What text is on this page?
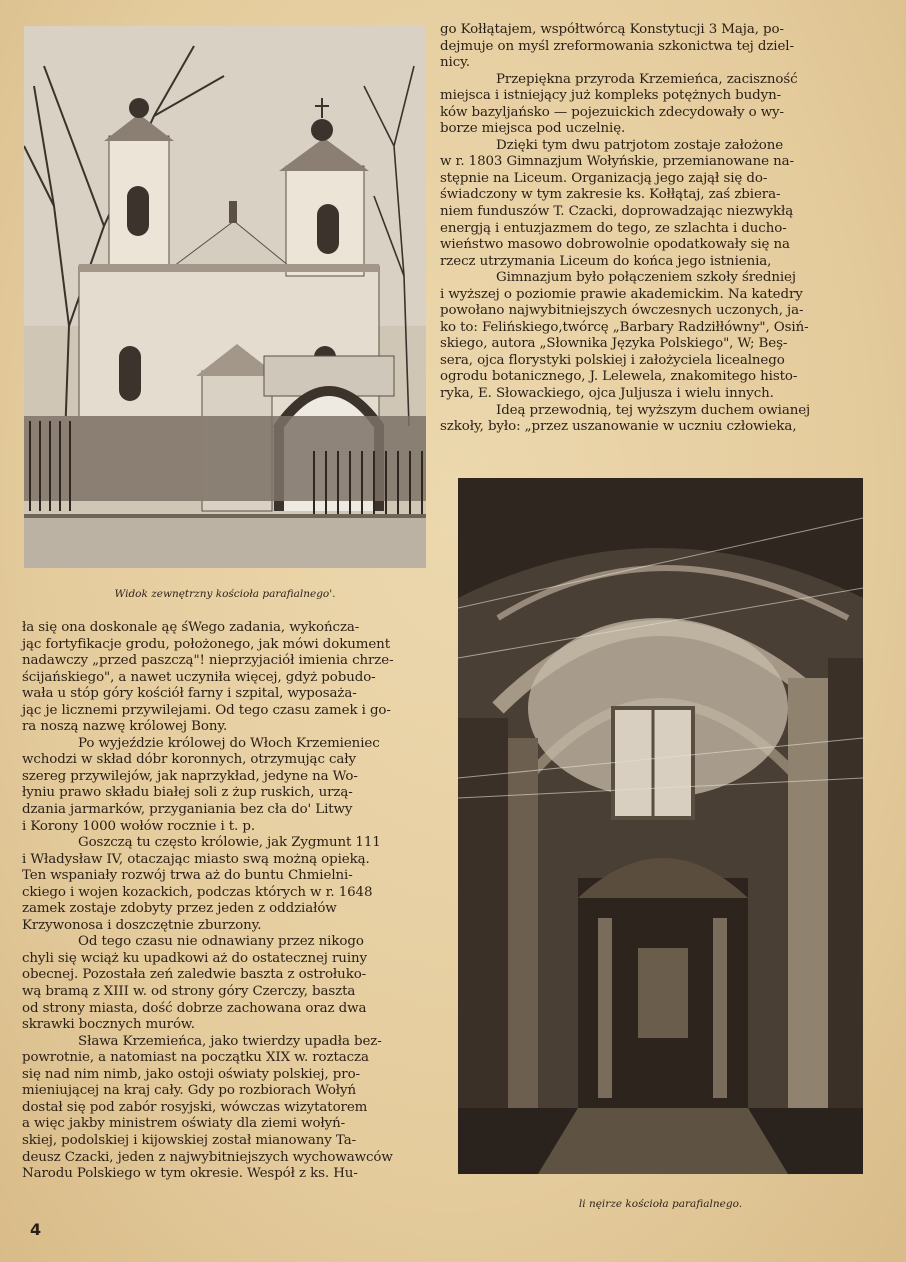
Widok zewnętrzny kościoła parafialnego'.
li nęirze kościoła parafialnego.
go Kołłątajem, współtwórcą Konstytucji 3 Maja, po-
dejmuje on myśl zreformowania szkonictwa tej dziel-
nicy.
Przepiękna przyroda Krzemieńca, zaciszność
miejsca i istniejący już kompleks potężnych budyn-
ków bazyljańsko — pojezuickich zdecydowały o wy-
borze miejsca pod uczelnię.
Dzięki tym dwu patrjotom zostaje założone
w r. 1803 Gimnazjum Wołyńskie, przemianowane na-
stępnie na Liceum. Organizacją jego zajął się do-
świadczony w tym zakresie ks. Kołłątaj, zaś zbiera-
niem funduszów T. Czacki, doprowadzając niezwykłą
energją i entuzjazmem do tego, ze szlachta i ducho-
wieństwo masowo dobrowolnie opodatkowały się na
rzecz utrzymania Liceum do końca jego istnienia,
Gimnazjum było połączeniem szkoły średniej
i wyższej o poziomie prawie akademickim. Na katedry
powołano najwybitniejszych ówczesnych uczonych, ja-
ko to: Felińskiego,twórcę „Barbary Radziłłówny", Osiń-
skiego, autora „Słownika Języka Polskiego", W; Beş-
sera, ojca florystyki polskiej i założyciela licealnego
ogrodu botanicznego, J. Lelewela, znakomitego histo-
ryka, E. Słowackiego, ojca Juljusza i wielu innych.
Ideą przewodnią, tej wyższym duchem owianej
szkoły, było: „przez uszanowanie w uczniu człowieka,
ła się ona doskonale ąę śWego zadania, wykończa-
jąc fortyfikacje grodu, położonego, jak mówi dokument
nadawczy „przed paszczą"! nieprzyjaciół imienia chrze-
ścijańskiego", a nawet uczyniła więcej, gdyż pobudo-
wała u stóp góry kościół farny i szpital, wyposaża-
jąc je licznemi przywilejami. Od tego czasu zamek i go-
ra noszą nazwę królowej Bony.
Po wyjeździe królowej do Włoch Krzemieniec
wchodzi w skład dóbr koronnych, otrzymując cały
szereg przywilejów, jak naprzykład, jedyne na Wo-
łyniu prawo składu białej soli z żup ruskich, urzą-
dzania jarmarków, przyganiania bez cła do' Litwy
i Korony 1000 wołów rocznie i t. p.
Goszczą tu często królowie, jak Zygmunt 111
i Władysław IV, otaczając miasto swą możną opieką.
Ten wspaniały rozwój trwa aż do buntu Chmielni-
ckiego i wojen kozackich, podczas których w r. 1648
zamek zostaje zdobyty przez jeden z oddziałów
Krzywonosa i doszczętnie zburzony.
Od tego czasu nie odnawiany przez nikogo
chyli się wciąż ku upadkowi aż do ostatecznej ruiny
obecnej. Pozostała zeń zaledwie baszta z ostrołuko-
wą bramą z XIII w. od strony góry Czerczy, baszta
od strony miasta, dość dobrze zachowana oraz dwa
skrawki bocznych murów.
Sława Krzemieńca, jako twierdzy upadła bez-
powrotnie, a natomiast na początku XIX w. roztacza
się nad nim nimb, jako ostoji oświaty polskiej, pro-
mieniującej na kraj cały. Gdy po rozbiorach Wołyń
dostał się pod zabór rosyjski, wówczas wizytatorem
a więc jakby ministrem oświaty dla ziemi wołyń-
skiej, podolskiej i kijowskiej został mianowany Ta-
deusz Czacki, jeden z najwybitniejszych wychowawców
Narodu Polskiego w tym okresie. Wespół z ks. Hu-
4
